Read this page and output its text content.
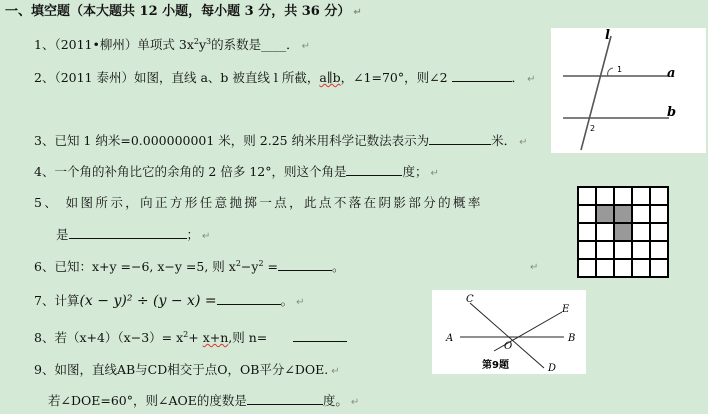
一、填空题（本大题共 12 小题，每小题 3 分，共 36 分） ↵
1、（2011•柳州）单项式 $3x^2y^3$的系数是____． ↵
2、（2011 泰州）如图，直线 a、b 被直线 l 所截，a∥b，∠1=70°，则∠2	． ↵
l
a
b
1
2
3、已知 1 纳米=0.000000001 米，则 2.25 纳米用科学记数法表示为	米． ↵
4、一个角的补角比它的余角的 2 倍多 12°，则这个角是	度； ↵
5、 如图所示，向正方形任意抛掷一点，此点不落在阴影部分的概率
是	； ↵

6、已知：x+y =−6, x−y =5, 则 $x^2-y^2$ =	。	↵
7、计算(x − y)² ÷ (y − x) =	。 ↵
8、若$(x+4)(x-3)= x^2+ x+n$,则 n=
9、如图，直线AB与CD相交于点O，OB平分∠DOE. ↵
若∠DOE=60°，则∠AOE的度数是	度。 ↵
C
E
A
O
B
D
第9题
